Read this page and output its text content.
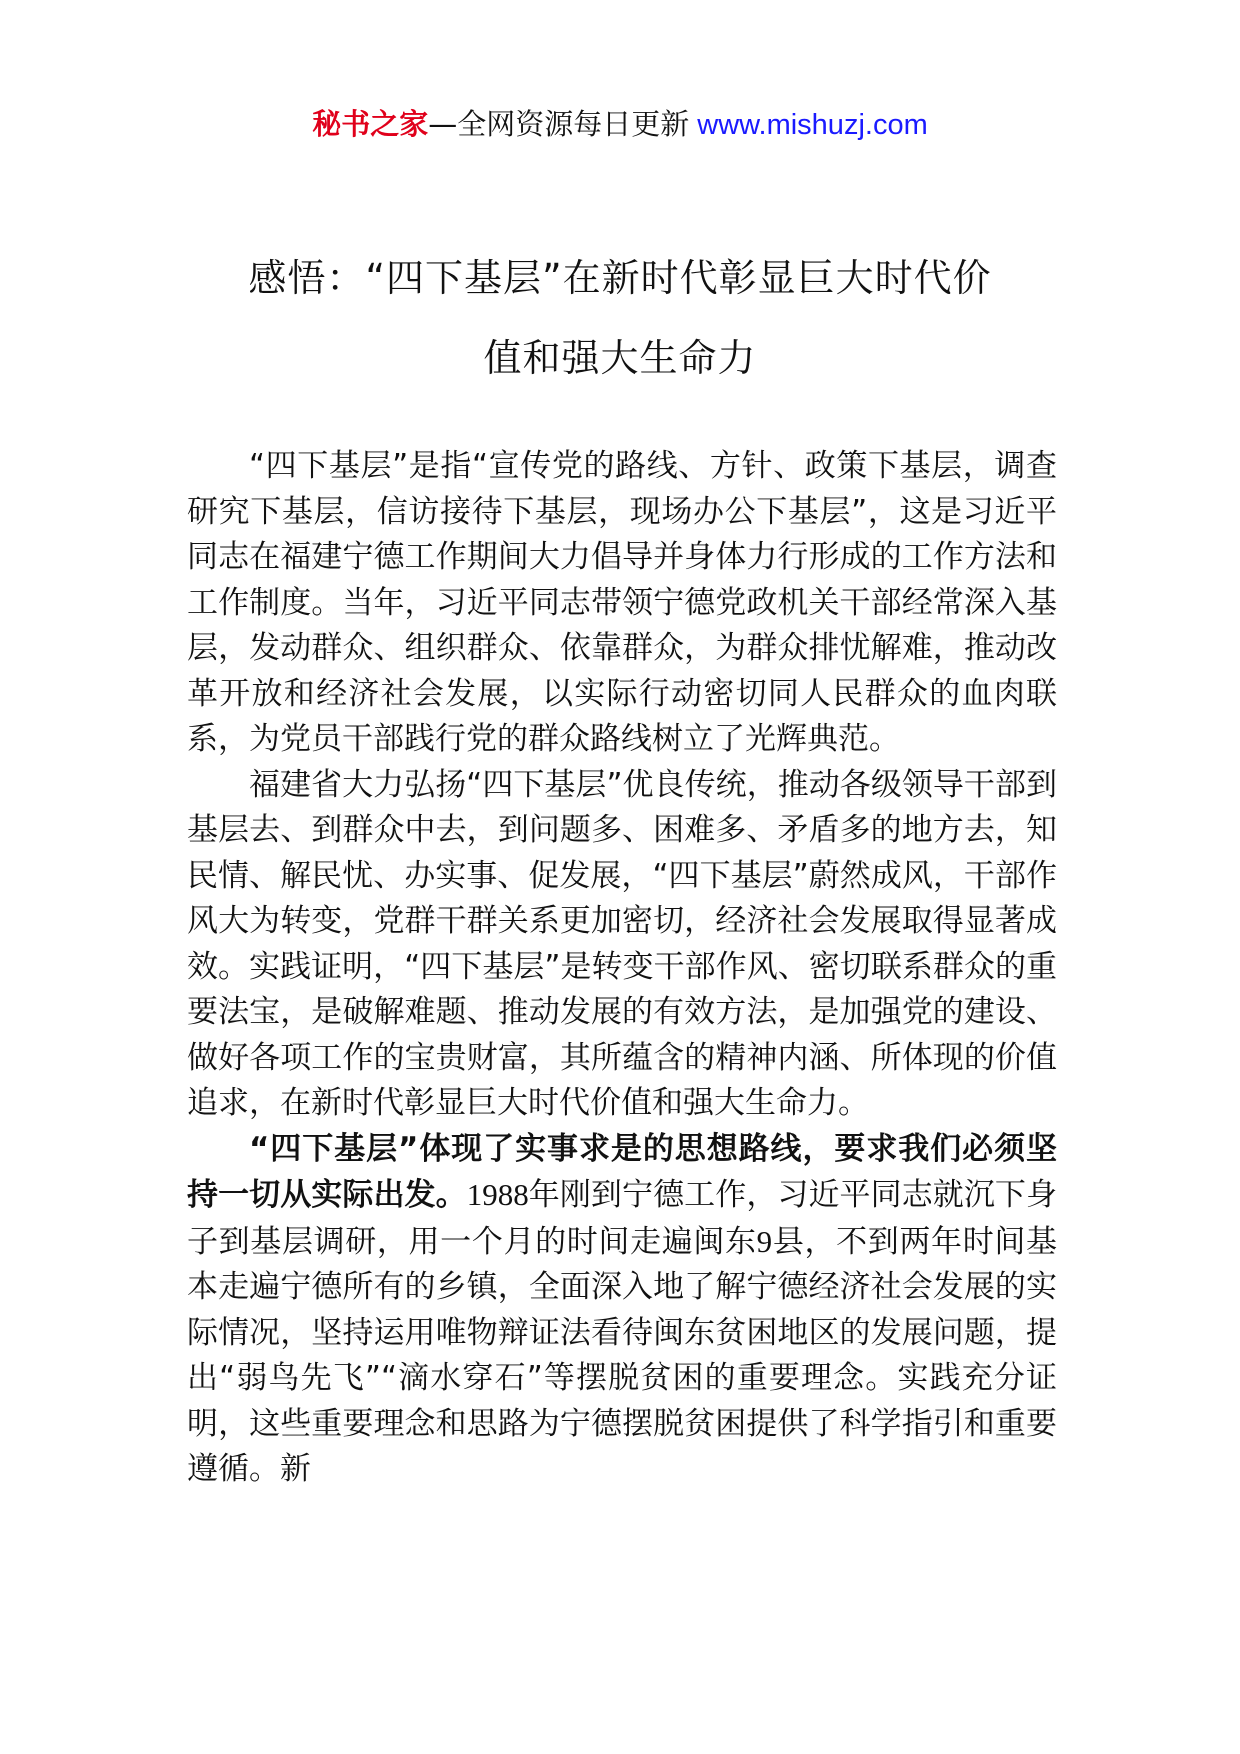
秘书之家—全网资源每日更新 www.mishuzj.com
感悟：“四下基层”在新时代彰显巨大时代价
值和强大生命力

“四下基层”是指“宣传党的路线、方针、政策下基层，调查研究下基层，信访接待下基层，现场办公下基层”，这是习近平同志在福建宁德工作期间大力倡导并身体力行形成的工作方法和工作制度。当年，习近平同志带领宁德党政机关干部经常深入基层，发动群众、组织群众、依靠群众，为群众排忧解难，推动改革开放和经济社会发展，以实际行动密切同人民群众的血肉联系，为党员干部践行党的群众路线树立了光辉典范。

福建省大力弘扬“四下基层”优良传统，推动各级领导干部到基层去、到群众中去，到问题多、困难多、矛盾多的地方去，知民情、解民忧、办实事、促发展，“四下基层”蔚然成风，干部作风大为转变，党群干群关系更加密切，经济社会发展取得显著成效。实践证明，“四下基层”是转变干部作风、密切联系群众的重要法宝，是破解难题、推动发展的有效方法，是加强党的建设、做好各项工作的宝贵财富，其所蕴含的精神内涵、所体现的价值追求，在新时代彰显巨大时代价值和强大生命力。

“四下基层”体现了实事求是的思想路线，要求我们必须坚持一切从实际出发。1988年刚到宁德工作，习近平同志就沉下身子到基层调研，用一个月的时间走遍闽东9县，不到两年时间基本走遍宁德所有的乡镇，全面深入地了解宁德经济社会发展的实际情况，坚持运用唯物辩证法看待闽东贫困地区的发展问题，提出“弱鸟先飞”“滴水穿石”等摆脱贫困的重要理念。实践充分证明，这些重要理念和思路为宁德摆脱贫困提供了科学指引和重要遵循。新
